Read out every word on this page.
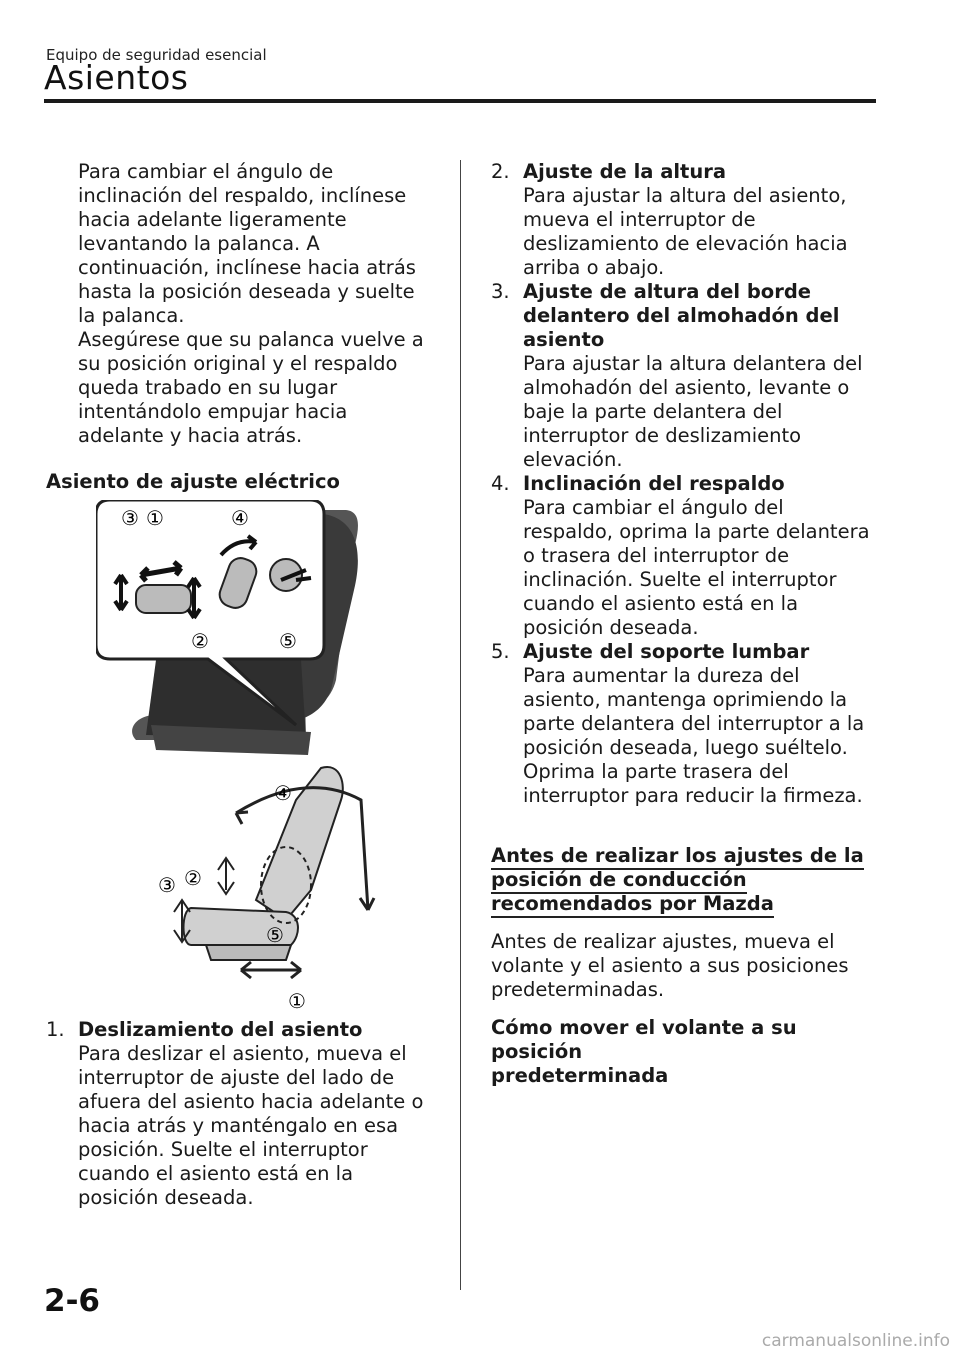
Equipo de seguridad esencial
Asientos
Para cambiar el ángulo de
inclinación del respaldo, inclínese
hacia adelante ligeramente
levantando la palanca. A
continuación, inclínese hacia atrás
hasta la posición deseada y suelte
la palanca.
Asegúrese que su palanca vuelve a
su posición original y el respaldo
queda trabado en su lugar
intentándolo empujar hacia
adelante y hacia atrás.
Asiento de ajuste eléctrico
③ ①	④
②	⑤
④
②
③
⑤
①
1. Deslizamiento del asiento
Para deslizar el asiento, mueva el
interruptor de ajuste del lado de
afuera del asiento hacia adelante o
hacia atrás y manténgalo en esa
posición. Suelte el interruptor
cuando el asiento está en la
posición deseada.
2. Ajuste de la altura
Para ajustar la altura del asiento,
mueva el interruptor de
deslizamiento de elevación hacia
arriba o abajo.
3. Ajuste de altura del borde
delantero del almohadón del
asiento
Para ajustar la altura delantera del
almohadón del asiento, levante o
baje la parte delantera del
interruptor de deslizamiento
elevación.
4. Inclinación del respaldo
Para cambiar el ángulo del
respaldo, oprima la parte delantera
o trasera del interruptor de
inclinación. Suelte el interruptor
cuando el asiento está en la
posición deseada.
5. Ajuste del soporte lumbar
Para aumentar la dureza del
asiento, mantenga oprimiendo la
parte delantera del interruptor a la
posición deseada, luego suéltelo.
Oprima la parte trasera del
interruptor para reducir la firmeza.
Antes de realizar los ajustes de la
posición de conducción
recomendados por Mazda
Antes de realizar ajustes, mueva el
volante y el asiento a sus posiciones
predeterminadas.
Cómo mover el volante a su posición
predeterminada
2-6
carmanualsonline.info
